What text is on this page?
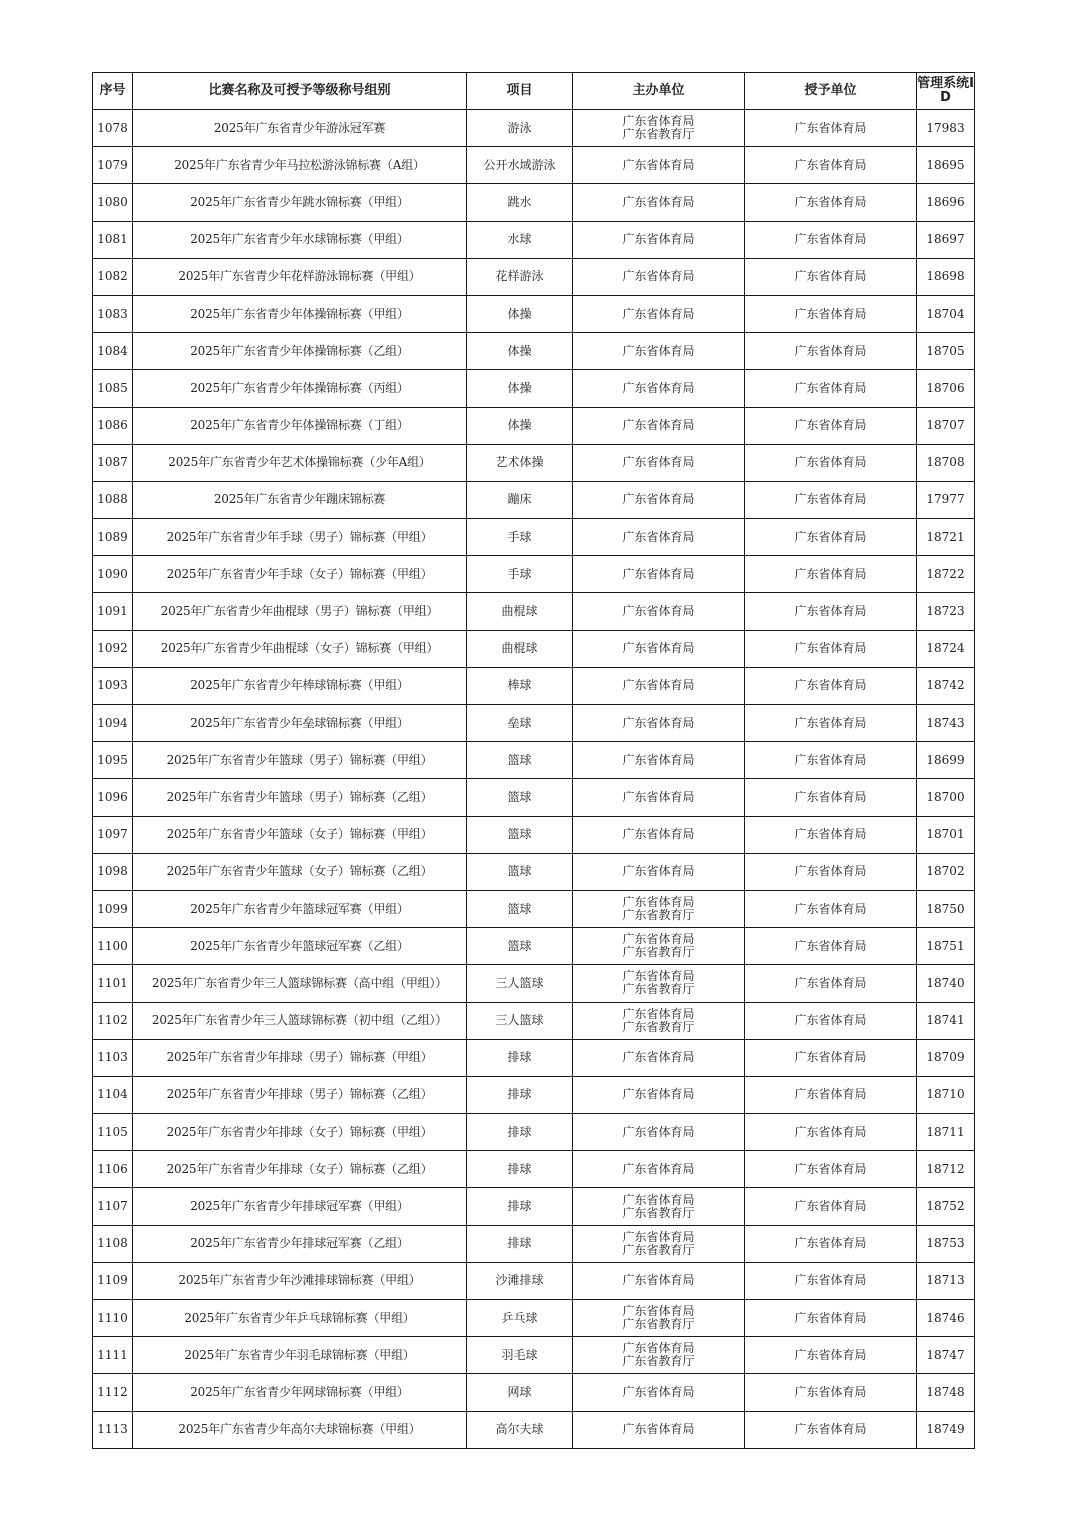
序号	比赛名称及可授予等级称号组别	项目	主办单位	授予单位	管理系统ID
1078	2025年广东省青少年游泳冠军赛	游泳	广东省体育局
广东省教育厅	广东省体育局	17983
1079	2025年广东省青少年马拉松游泳锦标赛（A组）	公开水域游泳	广东省体育局	广东省体育局	18695
1080	2025年广东省青少年跳水锦标赛（甲组）	跳水	广东省体育局	广东省体育局	18696
1081	2025年广东省青少年水球锦标赛（甲组）	水球	广东省体育局	广东省体育局	18697
1082	2025年广东省青少年花样游泳锦标赛（甲组）	花样游泳	广东省体育局	广东省体育局	18698
1083	2025年广东省青少年体操锦标赛（甲组）	体操	广东省体育局	广东省体育局	18704
1084	2025年广东省青少年体操锦标赛（乙组）	体操	广东省体育局	广东省体育局	18705
1085	2025年广东省青少年体操锦标赛（丙组）	体操	广东省体育局	广东省体育局	18706
1086	2025年广东省青少年体操锦标赛（丁组）	体操	广东省体育局	广东省体育局	18707
1087	2025年广东省青少年艺术体操锦标赛（少年A组）	艺术体操	广东省体育局	广东省体育局	18708
1088	2025年广东省青少年蹦床锦标赛	蹦床	广东省体育局	广东省体育局	17977
1089	2025年广东省青少年手球（男子）锦标赛（甲组）	手球	广东省体育局	广东省体育局	18721
1090	2025年广东省青少年手球（女子）锦标赛（甲组）	手球	广东省体育局	广东省体育局	18722
1091	2025年广东省青少年曲棍球（男子）锦标赛（甲组）	曲棍球	广东省体育局	广东省体育局	18723
1092	2025年广东省青少年曲棍球（女子）锦标赛（甲组）	曲棍球	广东省体育局	广东省体育局	18724
1093	2025年广东省青少年棒球锦标赛（甲组）	棒球	广东省体育局	广东省体育局	18742
1094	2025年广东省青少年垒球锦标赛（甲组）	垒球	广东省体育局	广东省体育局	18743
1095	2025年广东省青少年篮球（男子）锦标赛（甲组）	篮球	广东省体育局	广东省体育局	18699
1096	2025年广东省青少年篮球（男子）锦标赛（乙组）	篮球	广东省体育局	广东省体育局	18700
1097	2025年广东省青少年篮球（女子）锦标赛（甲组）	篮球	广东省体育局	广东省体育局	18701
1098	2025年广东省青少年篮球（女子）锦标赛（乙组）	篮球	广东省体育局	广东省体育局	18702
1099	2025年广东省青少年篮球冠军赛（甲组）	篮球	广东省体育局
广东省教育厅	广东省体育局	18750
1100	2025年广东省青少年篮球冠军赛（乙组）	篮球	广东省体育局
广东省教育厅	广东省体育局	18751
1101	2025年广东省青少年三人篮球锦标赛（高中组（甲组））	三人篮球	广东省体育局
广东省教育厅	广东省体育局	18740
1102	2025年广东省青少年三人篮球锦标赛（初中组（乙组））	三人篮球	广东省体育局
广东省教育厅	广东省体育局	18741
1103	2025年广东省青少年排球（男子）锦标赛（甲组）	排球	广东省体育局	广东省体育局	18709
1104	2025年广东省青少年排球（男子）锦标赛（乙组）	排球	广东省体育局	广东省体育局	18710
1105	2025年广东省青少年排球（女子）锦标赛（甲组）	排球	广东省体育局	广东省体育局	18711
1106	2025年广东省青少年排球（女子）锦标赛（乙组）	排球	广东省体育局	广东省体育局	18712
1107	2025年广东省青少年排球冠军赛（甲组）	排球	广东省体育局
广东省教育厅	广东省体育局	18752
1108	2025年广东省青少年排球冠军赛（乙组）	排球	广东省体育局
广东省教育厅	广东省体育局	18753
1109	2025年广东省青少年沙滩排球锦标赛（甲组）	沙滩排球	广东省体育局	广东省体育局	18713
1110	2025年广东省青少年乒乓球锦标赛（甲组）	乒乓球	广东省体育局
广东省教育厅	广东省体育局	18746
1111	2025年广东省青少年羽毛球锦标赛（甲组）	羽毛球	广东省体育局
广东省教育厅	广东省体育局	18747
1112	2025年广东省青少年网球锦标赛（甲组）	网球	广东省体育局	广东省体育局	18748
1113	2025年广东省青少年高尔夫球锦标赛（甲组）	高尔夫球	广东省体育局	广东省体育局	18749
